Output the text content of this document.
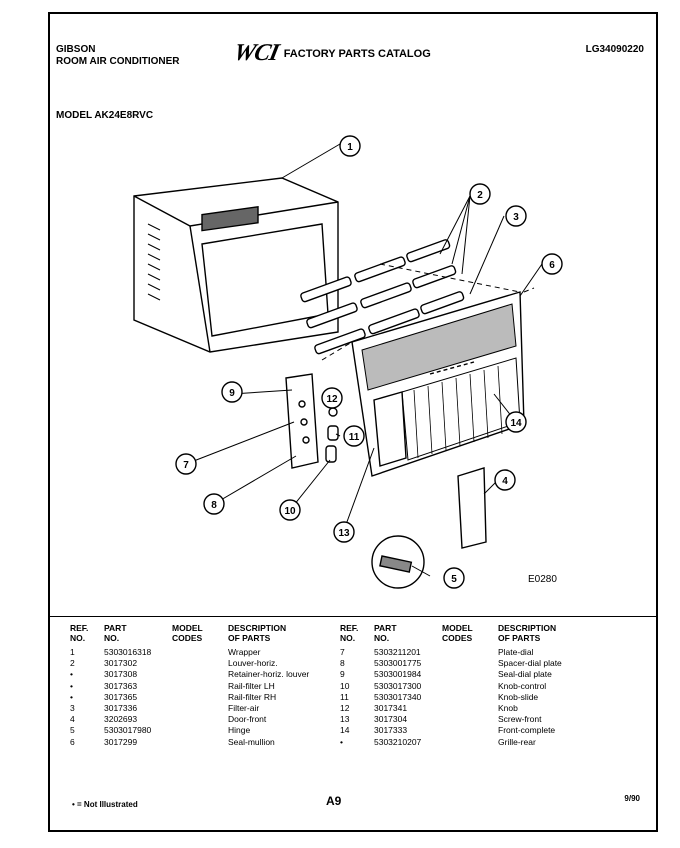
GIBSON
ROOM AIR CONDITIONER WCI FACTORY PARTS CATALOG	LG34090220
MODEL AK24E8RVC
1
2
3
4
5
6
7
8
9
10
11
12
13
14
E0280
REF.
NO.
PART
NO.
MODEL
CODES
DESCRIPTION
OF PARTS
1	5303016318	Wrapper
2	3017302	Louver-horiz.
•	3017308	Retainer-horiz. louver
•	3017363	Rail-filter LH
•	3017365	Rail-filter RH
3	3017336	Filter-air
4	3202693	Door-front
5	5303017980	Hinge
6	3017299	Seal-mullion
REF.
NO.
PART
NO.
MODEL
CODES
DESCRIPTION
OF PARTS
7	5303211201	Plate-dial
8	5303001775	Spacer-dial plate
9	5303001984	Seal-dial plate
10	5303017300	Knob-control
11	5303017340	Knob-slide
12	3017341	Knob
13	3017304	Screw-front
14	3017333	Front-complete
•	5303210207	Grille-rear
• = Not Illustrated	A9	9/90
